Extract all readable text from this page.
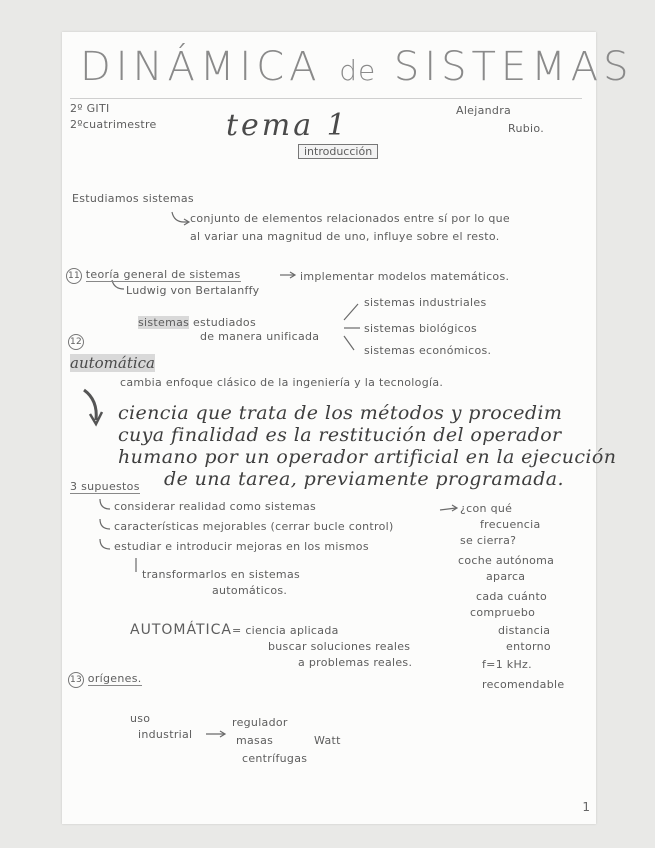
DINÁMICA de SISTEMAS
2º GITI
2ºcuatrimestre tema 1	Alejandra
Rubio.
introducción
Estudiamos sistemas
conjunto de elementos relacionados entre sí por lo que
al variar una magnitud de uno, influye sobre el resto.
11 teoría general de sistemas	implementar modelos matemáticos.
Ludwig von Bertalanffy
sistemas estudiados
de manera unificada
sistemas industriales
sistemas biológicos
sistemas económicos.
12
automática
cambia enfoque clásico de la ingeniería y la tecnología.
ciencia que trata de los métodos y procedim
cuya finalidad es la restitución del operador
humano por un operador artificial en la ejecución
de una tarea, previamente programada.
3 supuestos
considerar realidad como sistemas
características mejorables (cerrar bucle control)
estudiar e introducir mejoras en los mismos
transformarlos en sistemas
automáticos.
¿con qué
frecuencia
se cierra?
coche autónoma
aparca
cada cuánto
compruebo
distancia
entorno
f=1 kHz.
recomendable
AUTOMÁTICA= ciencia aplicada
buscar soluciones reales
a problemas reales.
13 orígenes.
uso
industrial
regulador
masas
centrífugas
Watt
1
